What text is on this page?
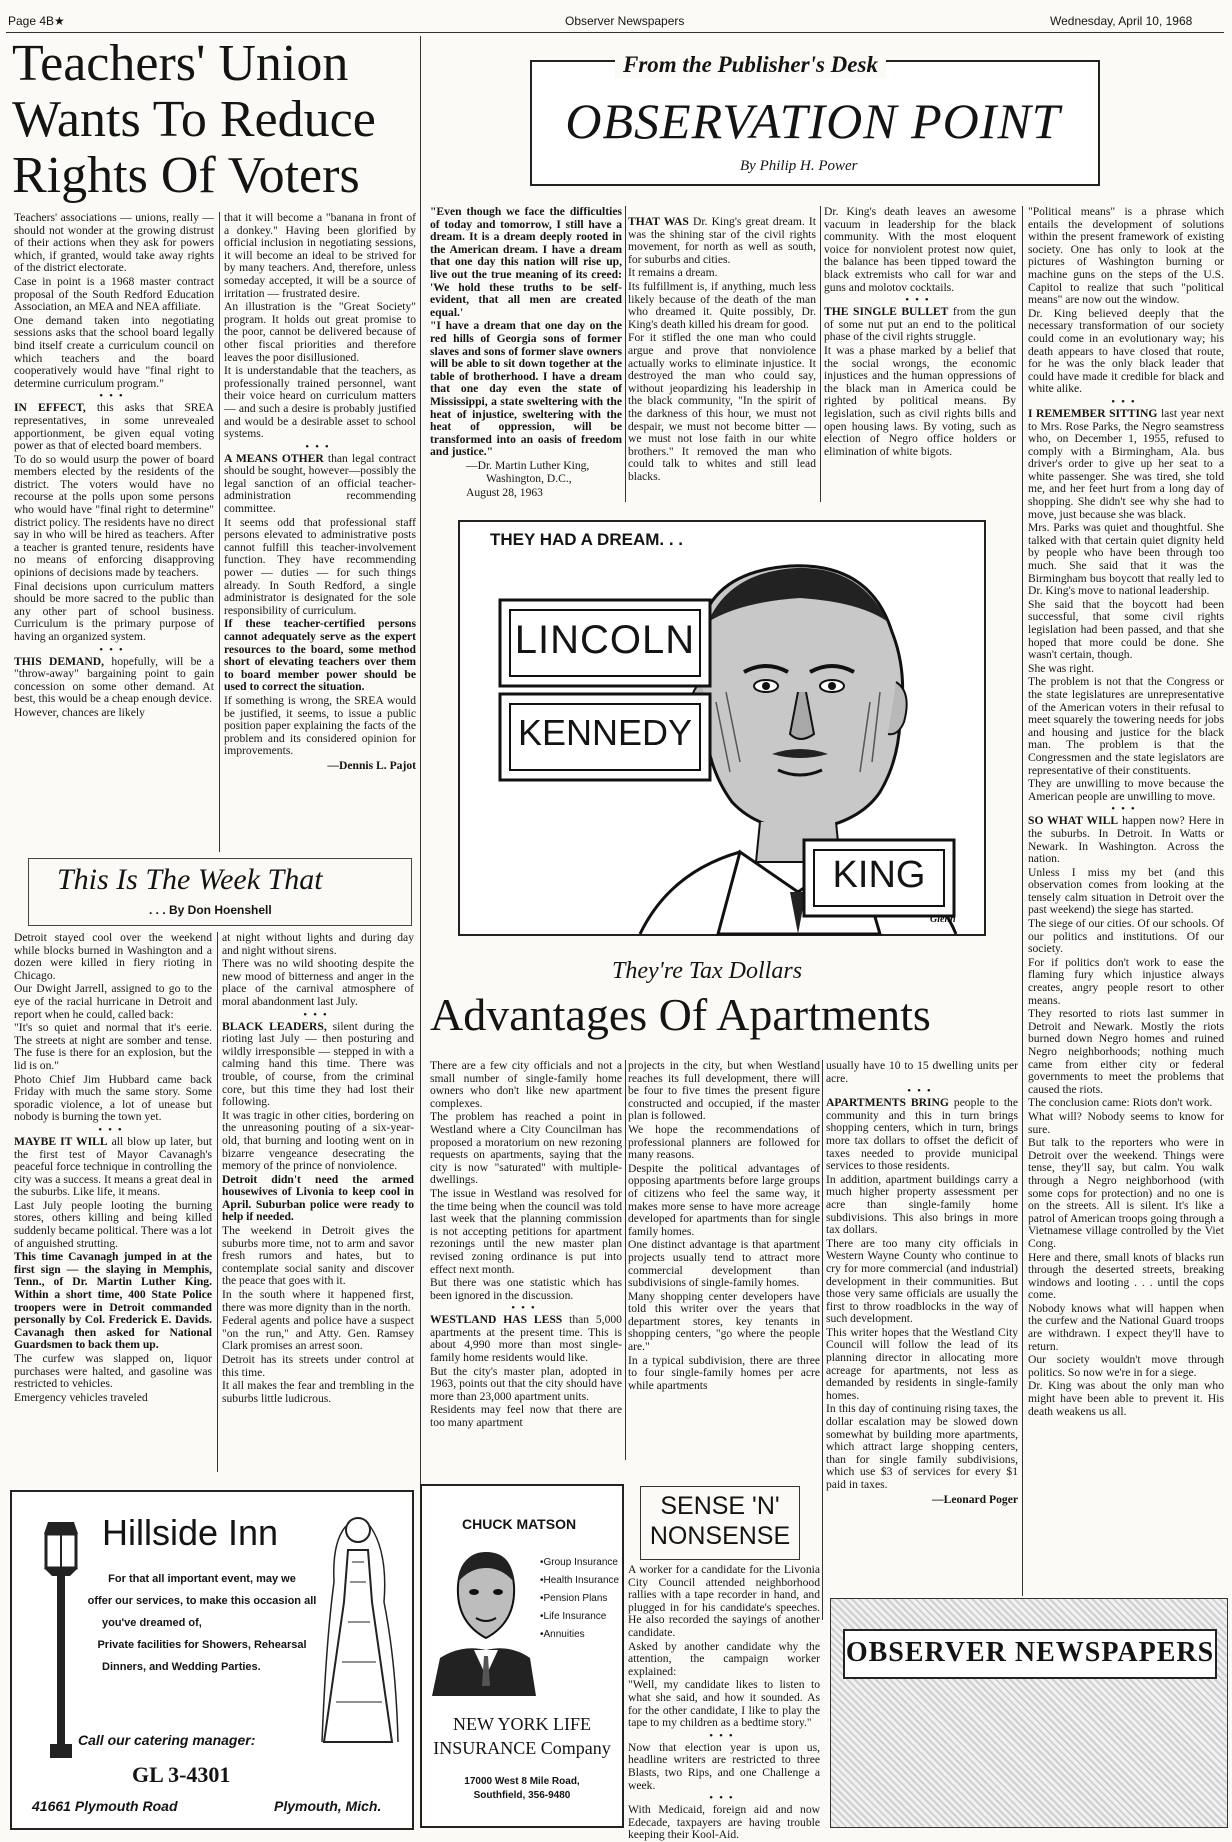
Page 4B★	Observer Newspapers	Wednesday, April 10, 1968
Teachers' Union
Wants To Reduce
Rights Of Voters

Teachers' associations — unions, really — should not wonder at the growing distrust of their actions when they ask for powers which, if granted, would take away rights of the district electorate.

Case in point is a 1968 master contract proposal of the South Redford Education Association, an MEA and NEA affiliate.

One demand taken into negotiating sessions asks that the school board legally bind itself create a curriculum council on which teachers and the board cooperatively would have "final right to determine curriculum program."

•••

IN EFFECT, this asks that SREA representatives, in some unrevealed apportionment, be given equal voting power as that of elected board members.

To do so would usurp the power of board members elected by the residents of the district. The voters would have no recourse at the polls upon some persons who would have "final right to determine" district policy. The residents have no direct say in who will be hired as teachers. After a teacher is granted tenure, residents have no means of enforcing disapproving opinions of decisions made by teachers.

Final decisions upon curriculum matters should be more sacred to the public than any other part of school business. Curriculum is the primary purpose of having an organized system.

•••

THIS DEMAND, hopefully, will be a "throw-away" bargaining point to gain concession on some other demand. At best, this would be a cheap enough device.

However, chances are likely

that it will become a "banana in front of a donkey." Having been glorified by official inclusion in negotiating sessions, it will become an ideal to be strived for by many teachers. And, therefore, unless someday accepted, it will be a source of irritation — frustrated desire.

An illustration is the "Great Society" program. It holds out great promise to the poor, cannot be delivered because of other fiscal priorities and therefore leaves the poor disillusioned.

It is understandable that the teachers, as professionally trained personnel, want their voice heard on curriculum matters — and such a desire is probably justified and would be a desirable asset to school systems.

•••

A MEANS OTHER than legal contract should be sought, however—possibly the legal sanction of an official teacher-administration recommending committee.

It seems odd that professional staff persons elevated to administrative posts cannot fulfill this teacher-involvement function. They have recommending power — duties — for such things already. In South Redford, a single administrator is designated for the sole responsibility of curriculum.

If these teacher-certified persons cannot adequately serve as the expert resources to the board, some method short of elevating teachers over them to board member power should be used to correct the situation.

If something is wrong, the SREA would be justified, it seems, to issue a public position paper explaining the facts of the problem and its considered opinion for improvements.

—Dennis L. Pajot
This Is The Week That
. . . By Don Hoenshell

Detroit stayed cool over the weekend while blocks burned in Washington and a dozen were killed in fiery rioting in Chicago.

Our Dwight Jarrell, assigned to go to the eye of the racial hurricane in Detroit and report when he could, called back:

"It's so quiet and normal that it's eerie. The streets at night are somber and tense. The fuse is there for an explosion, but the lid is on."

Photo Chief Jim Hubbard came back Friday with much the same story. Some sporadic violence, a lot of unease but nobody is burning the town yet.

•••

MAYBE IT WILL all blow up later, but the first test of Mayor Cavanagh's peaceful force technique in controlling the city was a success. It means a great deal in the suburbs. Like life, it means.

Last July people looting the burning stores, others killing and being killed suddenly became political. There was a lot of anguished strutting.

This time Cavanagh jumped in at the first sign — the slaying in Memphis, Tenn., of Dr. Martin Luther King. Within a short time, 400 State Police troopers were in Detroit commanded personally by Col. Frederick E. Davids. Cavanagh then asked for National Guardsmen to back them up.

The curfew was slapped on, liquor purchases were halted, and gasoline was restricted to vehicles.

Emergency vehicles traveled

at night without lights and during day and night without sirens.

There was no wild shooting despite the new mood of bitterness and anger in the place of the carnival atmosphere of moral abandonment last July.

•••

BLACK LEADERS, silent during the rioting last July — then posturing and wildly irresponsible — stepped in with a calming hand this time. There was trouble, of course, from the criminal core, but this time they had lost their following.

It was tragic in other cities, bordering on the unreasoning pouting of a six-year-old, that burning and looting went on in bizarre vengeance desecrating the memory of the prince of nonviolence.

Detroit didn't need the armed housewives of Livonia to keep cool in April. Suburban police were ready to help if needed.

The weekend in Detroit gives the suburbs more time, not to arm and savor fresh rumors and hates, but to contemplate social sanity and discover the peace that goes with it.

In the south where it happened first, there was more dignity than in the north.

Federal agents and police have a suspect "on the run," and Atty. Gen. Ramsey Clark promises an arrest soon.

Detroit has its streets under control at this time.

It all makes the fear and trembling in the suburbs little ludicrous.

Hillside Inn
For that all important event, may we
offer our services, to make this occasion all
you've dreamed of,
Private facilities for Showers, Rehearsal
Dinners, and Wedding Parties.
Call our catering manager:
GL 3-4301
41661 Plymouth Road	Plymouth, Mich.
From the Publisher's Desk
OBSERVATION POINT
By Philip H. Power

"Even though we face the difficulties of today and tomorrow, I still have a dream. It is a dream deeply rooted in the American dream. I have a dream that one day this nation will rise up, live out the true meaning of its creed: 'We hold these truths to be self-evident, that all men are created equal.'

"I have a dream that one day on the red hills of Georgia sons of former slaves and sons of former slave owners will be able to sit down together at the table of brotherhood. I have a dream that one day even the state of Mississippi, a state sweltering with the heat of injustice, sweltering with the heat of oppression, will be transformed into an oasis of freedom and justice."

—Dr. Martin Luther King,
Washington, D.C.,
August 28, 1963

THAT WAS Dr. King's great dream. It was the shining star of the civil rights movement, for north as well as south, for suburbs and cities.

It remains a dream.

Its fulfillment is, if anything, much less likely because of the death of the man who dreamed it. Quite possibly, Dr. King's death killed his dream for good.

For it stifled the one man who could argue and prove that nonviolence actually works to eliminate injustice. It destroyed the man who could say, without jeopardizing his leadership in the black community, "In the spirit of the darkness of this hour, we must not despair, we must not become bitter — we must not lose faith in our white brothers." It removed the man who could talk to whites and still lead blacks.

Dr. King's death leaves an awesome vacuum in leadership for the black community. With the most eloquent voice for nonviolent protest now quiet, the balance has been tipped toward the black extremists who call for war and guns and molotov cocktails.

•••

THE SINGLE BULLET from the gun of some nut put an end to the political phase of the civil rights struggle.

It was a phase marked by a belief that the social wrongs, the economic injustices and the human oppressions of the black man in America could be righted by political means. By legislation, such as civil rights bills and open housing laws. By voting, such as election of Negro office holders or elimination of white bigots.

"Political means" is a phrase which entails the development of solutions within the present framework of existing society. One has only to look at the pictures of Washington burning or machine guns on the steps of the U.S. Capitol to realize that such "political means" are now out the window.

Dr. King believed deeply that the necessary transformation of our society could come in an evolutionary way; his death appears to have closed that route, for he was the only black leader that could have made it credible for black and white alike.

•••

I REMEMBER SITTING last year next to Mrs. Rose Parks, the Negro seamstress who, on December 1, 1955, refused to comply with a Birmingham, Ala. bus driver's order to give up her seat to a white passenger. She was tired, she told me, and her feet hurt from a long day of shopping. She didn't see why she had to move, just because she was black.

Mrs. Parks was quiet and thoughtful. She talked with that certain quiet dignity held by people who have been through too much. She said that it was the Birmingham bus boycott that really led to Dr. King's move to national leadership.

She said that the boycott had been successful, that some civil rights legislation had been passed, and that she hoped that more could be done. She wasn't certain, though.

She was right.

The problem is not that the Congress or the state legislatures are unrepresentative of the American voters in their refusal to meet squarely the towering needs for jobs and housing and justice for the black man. The problem is that the Congressmen and the state legislators are representative of their constituents.

They are unwilling to move because the American people are unwilling to move.

•••

SO WHAT WILL happen now? Here in the suburbs. In Detroit. In Watts or Newark. In Washington. Across the nation.

Unless I miss my bet (and this observation comes from looking at the tensely calm situation in Detroit over the past weekend) the siege has started.

The siege of our cities. Of our schools. Of our politics and institutions. Of our society.

For if politics don't work to ease the flaming fury which injustice always creates, angry people resort to other means.

They resorted to riots last summer in Detroit and Newark. Mostly the riots burned down Negro homes and ruined Negro neighborhoods; nothing much came from either city or federal governments to meet the problems that caused the riots.

The conclusion came: Riots don't work.

What will? Nobody seems to know for sure.

But talk to the reporters who were in Detroit over the weekend. Things were tense, they'll say, but calm. You walk through a Negro neighborhood (with some cops for protection) and no one is on the streets. All is silent. It's like a patrol of American troops going through a Vietnamese village controlled by the Viet Cong.

Here and there, small knots of blacks run through the deserted streets, breaking windows and looting . . . until the cops come.

Nobody knows what will happen when the curfew and the National Guard troops are withdrawn. I expect they'll have to return.

Our society wouldn't move through politics. So now we're in for a siege.

Dr. King was about the only man who might have been able to prevent it. His death weakens us all.

THEY HAD A DREAM. . .
LINCOLN
KENNEDY
KING
Glenn
They're Tax Dollars
Advantages Of Apartments

There are a few city officials and not a small number of single-family home owners who don't like new apartment complexes.

The problem has reached a point in Westland where a City Councilman has proposed a moratorium on new rezoning requests on apartments, saying that the city is now "saturated" with multiple-dwellings.

The issue in Westland was resolved for the time being when the council was told last week that the planning commission is not accepting petitions for apartment rezonings until the new master plan revised zoning ordinance is put into effect next month.

But there was one statistic which has been ignored in the discussion.

•••

WESTLAND HAS LESS than 5,000 apartments at the present time. This is about 4,990 more than most single-family home residents would like.

But the city's master plan, adopted in 1963, points out that the city should have more than 23,000 apartment units.

Residents may feel now that there are too many apartment

projects in the city, but when Westland reaches its full development, there will be four to five times the present figure constructed and occupied, if the master plan is followed.

We hope the recommendations of professional planners are followed for many reasons.

Despite the political advantages of opposing apartments before large groups of citizens who feel the same way, it makes more sense to have more acreage developed for apartments than for single family homes.

One distinct advantage is that apartment projects usually tend to attract more commercial development than subdivisions of single-family homes.

Many shopping center developers have told this writer over the years that department stores, key tenants in shopping centers, "go where the people are."

In a typical subdivision, there are three to four single-family homes per acre while apartments

usually have 10 to 15 dwelling units per acre.

•••

APARTMENTS BRING people to the community and this in turn brings shopping centers, which in turn, brings more tax dollars to offset the deficit of taxes needed to provide municipal services to those residents.

In addition, apartment buildings carry a much higher property assessment per acre than single-family home subdivisions. This also brings in more tax dollars.

There are too many city officials in Western Wayne County who continue to cry for more commercial (and industrial) development in their communities. But those very same officials are usually the first to throw roadblocks in the way of such development.

This writer hopes that the Westland City Council will follow the lead of its planning director in allocating more acreage for apartments, not less as demanded by residents in single-family homes.

In this day of continuing rising taxes, the dollar escalation may be slowed down somewhat by building more apartments, which attract large shopping centers, than for single family subdivisions, which use $3 of services for every $1 paid in taxes.

—Leonard Poger
SENSE 'N'
NONSENSE

A worker for a candidate for the Livonia City Council attended neighborhood rallies with a tape recorder in hand, and plugged in for his candidate's speeches. He also recorded the sayings of another candidate.

Asked by another candidate why the attention, the campaign worker explained:

"Well, my candidate likes to listen to what she said, and how it sounded. As for the other candidate, I like to play the tape to my children as a bedtime story."

•••

Now that election year is upon us, headline writers are restricted to three Blasts, two Rips, and one Challenge a week.

•••

With Medicaid, foreign aid and now Edecade, taxpayers are having trouble keeping their Kool-Aid.

CHUCK MATSON
•Group Insurance
•Health Insurance
•Pension Plans
•Life Insurance
•Annuities
NEW YORK LIFE
INSURANCE Company
17000 West 8 Mile Road,
Southfield, 356-9480
OBSERVER NEWSPAPERS
